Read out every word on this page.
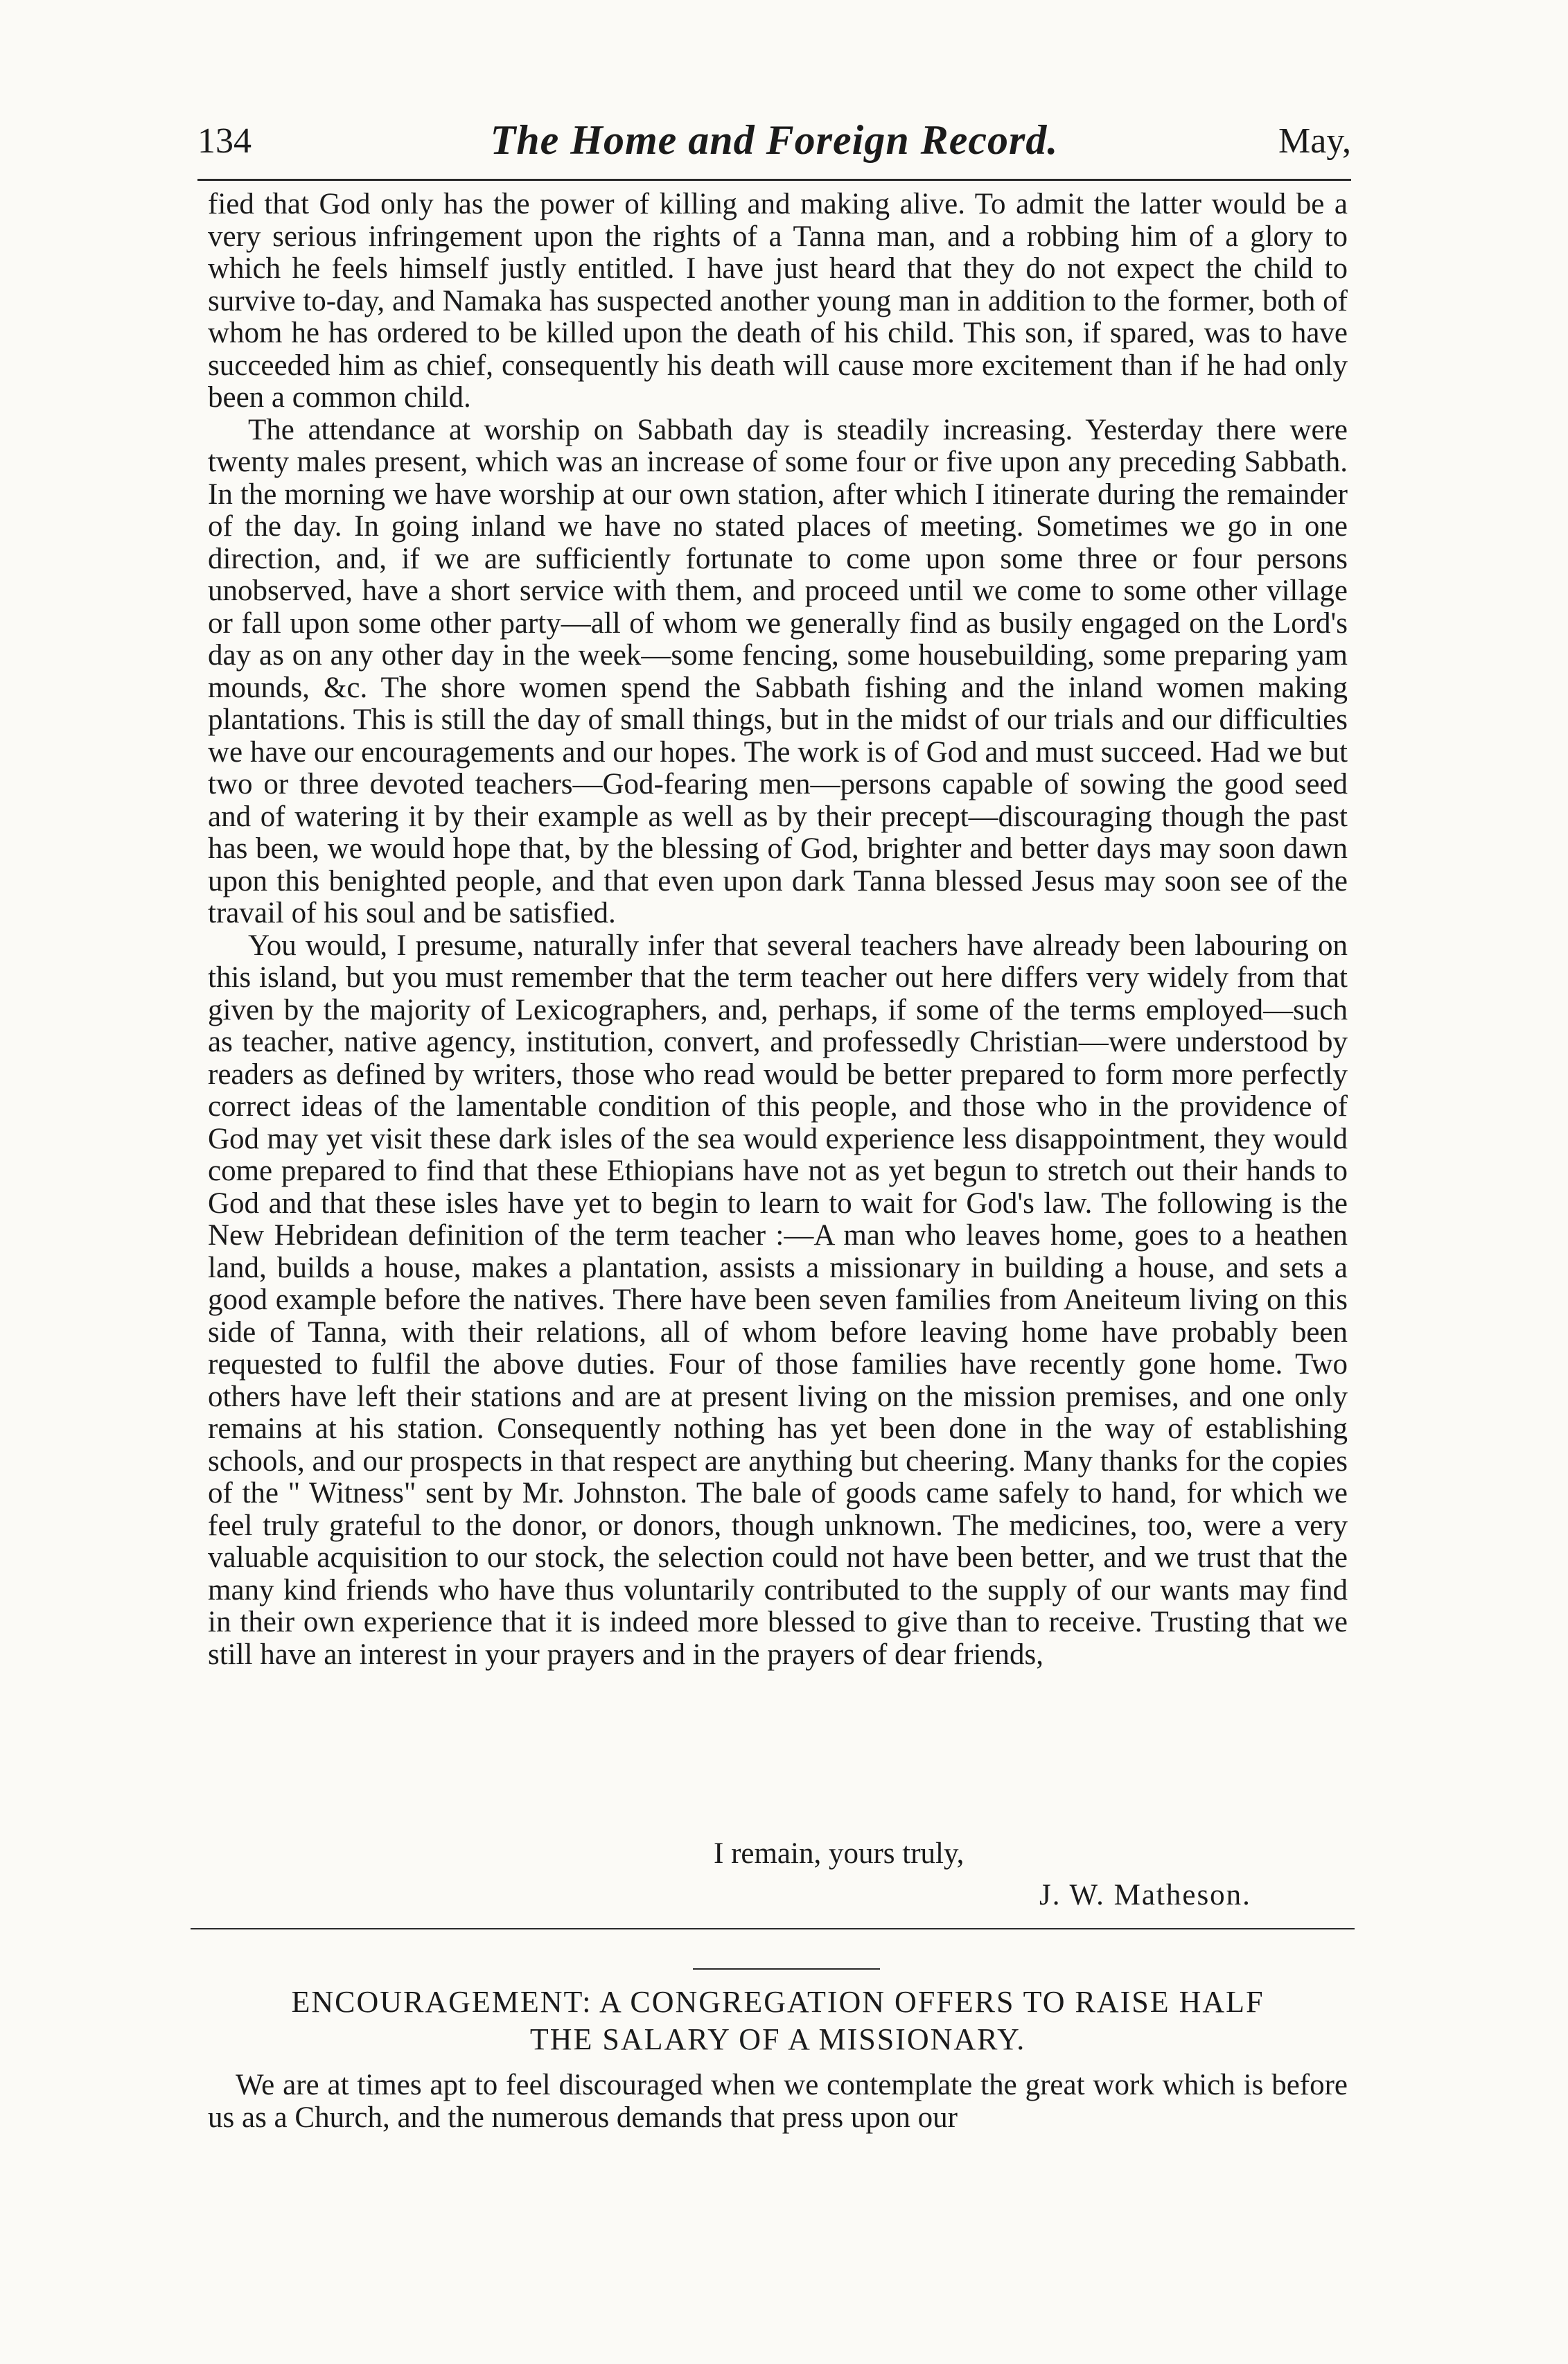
134	The Home and Foreign Record.	May,

fied that God only has the power of killing and making alive. To admit the latter would be a very serious infringement upon the rights of a Tanna man, and a robbing him of a glory to which he feels himself justly entitled. I have just heard that they do not expect the child to survive to-day, and Namaka has suspected another young man in addition to the former, both of whom he has ordered to be killed upon the death of his child. This son, if spared, was to have succeeded him as chief, consequently his death will cause more excitement than if he had only been a common child.

The attendance at worship on Sabbath day is steadily increasing. Yesterday there were twenty males present, which was an increase of some four or five upon any preceding Sabbath. In the morning we have worship at our own station, after which I itinerate during the remainder of the day. In going inland we have no stated places of meeting. Sometimes we go in one direction, and, if we are sufficiently fortunate to come upon some three or four persons unobserved, have a short service with them, and proceed until we come to some other village or fall upon some other party—all of whom we generally find as busily engaged on the Lord's day as on any other day in the week—some fencing, some housebuilding, some preparing yam mounds, &c. The shore women spend the Sabbath fishing and the inland women making plantations. This is still the day of small things, but in the midst of our trials and our difficulties we have our encouragements and our hopes. The work is of God and must succeed. Had we but two or three devoted teachers—God-fearing men—persons capable of sowing the good seed and of watering it by their example as well as by their precept—discouraging though the past has been, we would hope that, by the blessing of God, brighter and better days may soon dawn upon this benighted people, and that even upon dark Tanna blessed Jesus may soon see of the travail of his soul and be satisfied.

You would, I presume, naturally infer that several teachers have already been labouring on this island, but you must remember that the term teacher out here differs very widely from that given by the majority of Lexicographers, and, perhaps, if some of the terms employed—such as teacher, native agency, institution, convert, and professedly Christian—were understood by readers as defined by writers, those who read would be better prepared to form more perfectly correct ideas of the lamentable condition of this people, and those who in the providence of God may yet visit these dark isles of the sea would experience less disappointment, they would come prepared to find that these Ethiopians have not as yet begun to stretch out their hands to God and that these isles have yet to begin to learn to wait for God's law. The following is the New Hebridean definition of the term teacher :—A man who leaves home, goes to a heathen land, builds a house, makes a plantation, assists a missionary in building a house, and sets a good example before the natives. There have been seven families from Aneiteum living on this side of Tanna, with their relations, all of whom before leaving home have probably been requested to fulfil the above duties. Four of those families have recently gone home. Two others have left their stations and are at present living on the mission premises, and one only remains at his station. Consequently nothing has yet been done in the way of establishing schools, and our prospects in that respect are anything but cheering. Many thanks for the copies of the " Witness" sent by Mr. Johnston. The bale of goods came safely to hand, for which we feel truly grateful to the donor, or donors, though unknown. The medicines, too, were a very valuable acquisition to our stock, the selection could not have been better, and we trust that the many kind friends who have thus voluntarily contributed to the supply of our wants may find in their own experience that it is indeed more blessed to give than to receive. Trusting that we still have an interest in your prayers and in the prayers of dear friends,

I remain, yours truly,
J. W. Matheson.
ENCOURAGEMENT: A CONGREGATION OFFERS TO RAISE HALF
THE SALARY OF A MISSIONARY.

We are at times apt to feel discouraged when we contemplate the great work which is before us as a Church, and the numerous demands that press upon our
